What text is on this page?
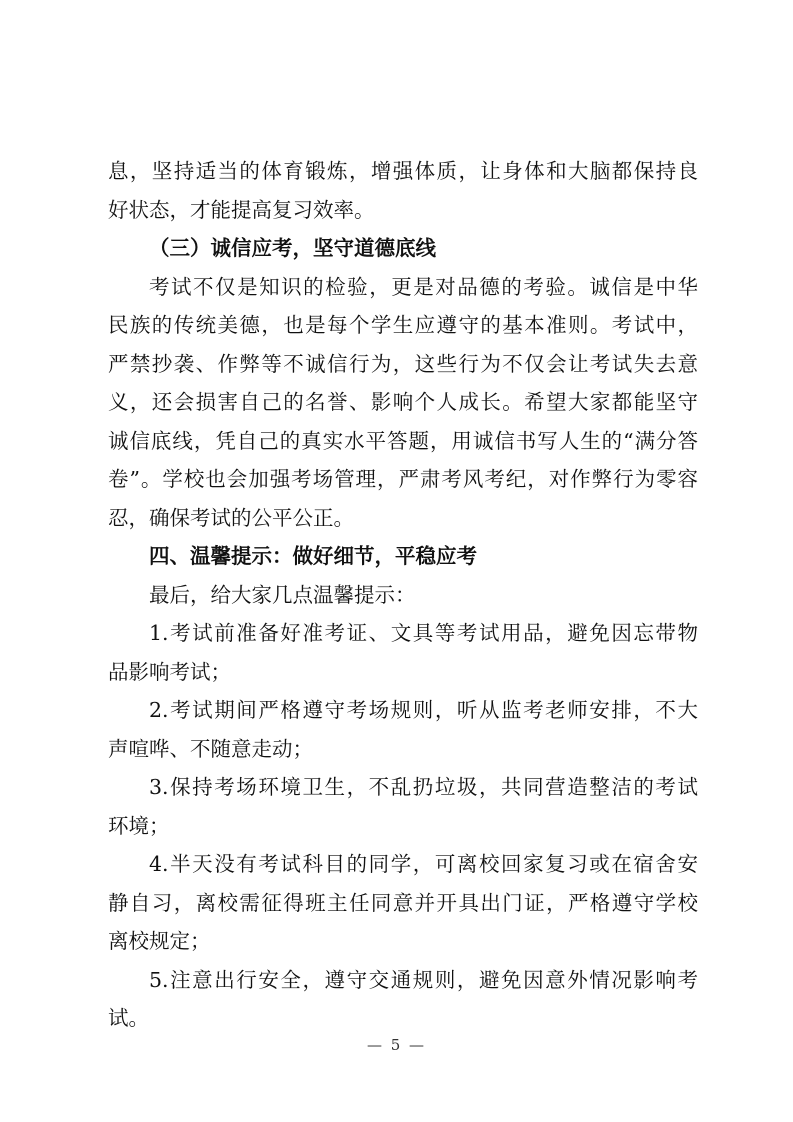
息，坚持适当的体育锻炼，增强体质，让身体和大脑都保持良
好状态，才能提高复习效率。
（三）诚信应考，坚守道德底线
考试不仅是知识的检验，更是对品德的考验。诚信是中华
民族的传统美德，也是每个学生应遵守的基本准则。考试中，
严禁抄袭、作弊等不诚信行为，这些行为不仅会让考试失去意
义，还会损害自己的名誉、影响个人成长。希望大家都能坚守
诚信底线，凭自己的真实水平答题，用诚信书写人生的“满分答
卷”。学校也会加强考场管理，严肃考风考纪，对作弊行为零容
忍，确保考试的公平公正。
四、温馨提示：做好细节，平稳应考
最后，给大家几点温馨提示：
1.考试前准备好准考证、文具等考试用品，避免因忘带物
品影响考试；
2.考试期间严格遵守考场规则，听从监考老师安排，不大
声喧哗、不随意走动；
3.保持考场环境卫生，不乱扔垃圾，共同营造整洁的考试
环境；
4.半天没有考试科目的同学，可离校回家复习或在宿舍安
静自习，离校需征得班主任同意并开具出门证，严格遵守学校
离校规定；
5.注意出行安全，遵守交通规则，避免因意外情况影响考
试。
— 5 —
